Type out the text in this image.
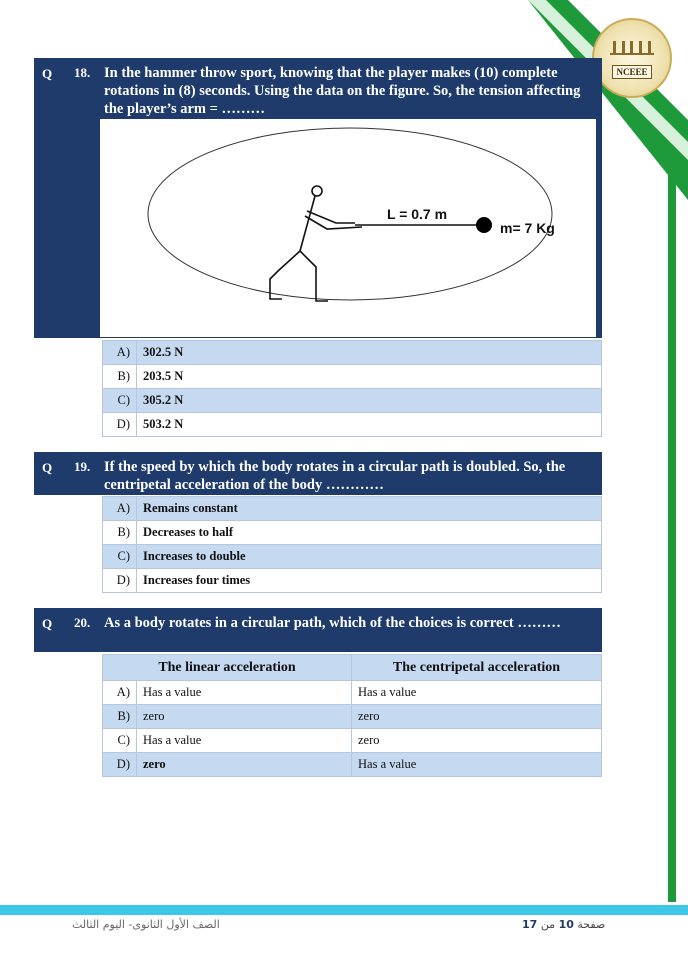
NCEEE
Q 18. In the hammer throw sport, knowing that the player makes (10) complete rotations in (8) seconds. Using the data on the figure. So, the tension affecting the player’s arm = ………
L = 0.7 m
m= 7 Kg
A)	302.5 N
B)	203.5 N
C)	305.2 N
D)	503.2 N
Q 19. If the speed by which the body rotates in a circular path is doubled. So, the centripetal acceleration of the body …………
A)	Remains constant
B)	Decreases to half
C)	Increases to double
D)	Increases four times
Q 20. As a body rotates in a circular path, which of the choices is correct ………
The linear acceleration		The centripetal acceleration
A)	Has a value	Has a value
B)	zero	zero
C)	Has a value	zero
D)	zero	Has a value
الصف الأول الثانوى- اليوم الثالث	صفحة 10 من 17
